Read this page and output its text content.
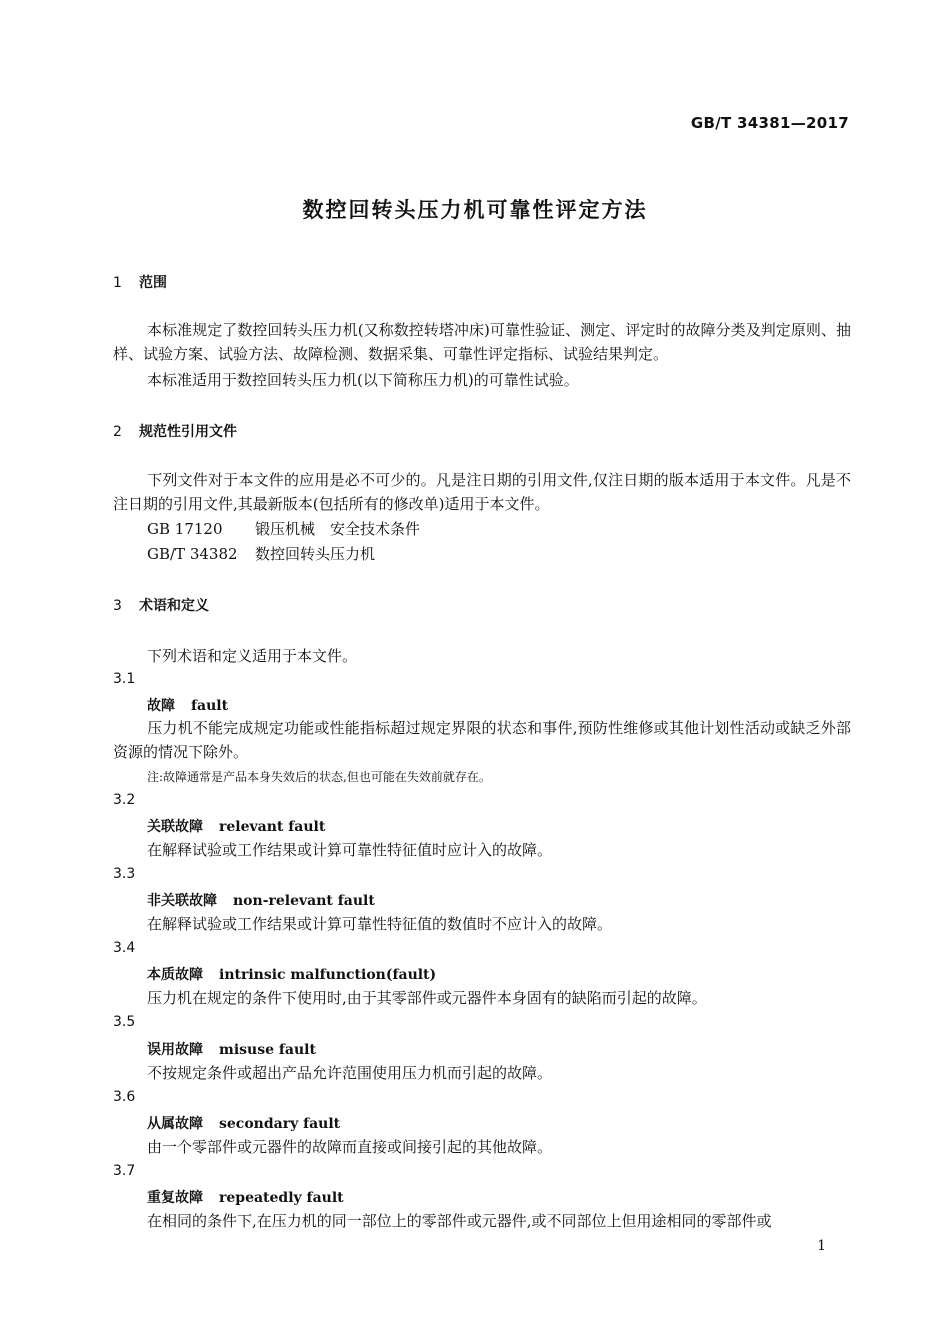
GB/T 34381—2017
数控回转头压力机可靠性评定方法
1 范围
本标准规定了数控回转头压力机(又称数控转塔冲床)可靠性验证、测定、评定时的故障分类及判定原则、抽样、试验方案、试验方法、故障检测、数据采集、可靠性评定指标、试验结果判定。
本标准适用于数控回转头压力机(以下简称压力机)的可靠性试验。
2 规范性引用文件
下列文件对于本文件的应用是必不可少的。凡是注日期的引用文件,仅注日期的版本适用于本文件。凡是不注日期的引用文件,其最新版本(包括所有的修改单)适用于本文件。
GB 17120 锻压机械　安全技术条件
GB/T 34382 数控回转头压力机
3 术语和定义
下列术语和定义适用于本文件。
3.1
故障 fault
压力机不能完成规定功能或性能指标超过规定界限的状态和事件,预防性维修或其他计划性活动或缺乏外部资源的情况下除外。
注:故障通常是产品本身失效后的状态,但也可能在失效前就存在。
3.2
关联故障 relevant fault
在解释试验或工作结果或计算可靠性特征值时应计入的故障。
3.3
非关联故障 non-relevant fault
在解释试验或工作结果或计算可靠性特征值的数值时不应计入的故障。
3.4
本质故障 intrinsic malfunction(fault)
压力机在规定的条件下使用时,由于其零部件或元器件本身固有的缺陷而引起的故障。
3.5
误用故障 misuse fault
不按规定条件或超出产品允许范围使用压力机而引起的故障。
3.6
从属故障 secondary fault
由一个零部件或元器件的故障而直接或间接引起的其他故障。
3.7
重复故障 repeatedly fault
在相同的条件下,在压力机的同一部位上的零部件或元器件,或不同部位上但用途相同的零部件或
1
